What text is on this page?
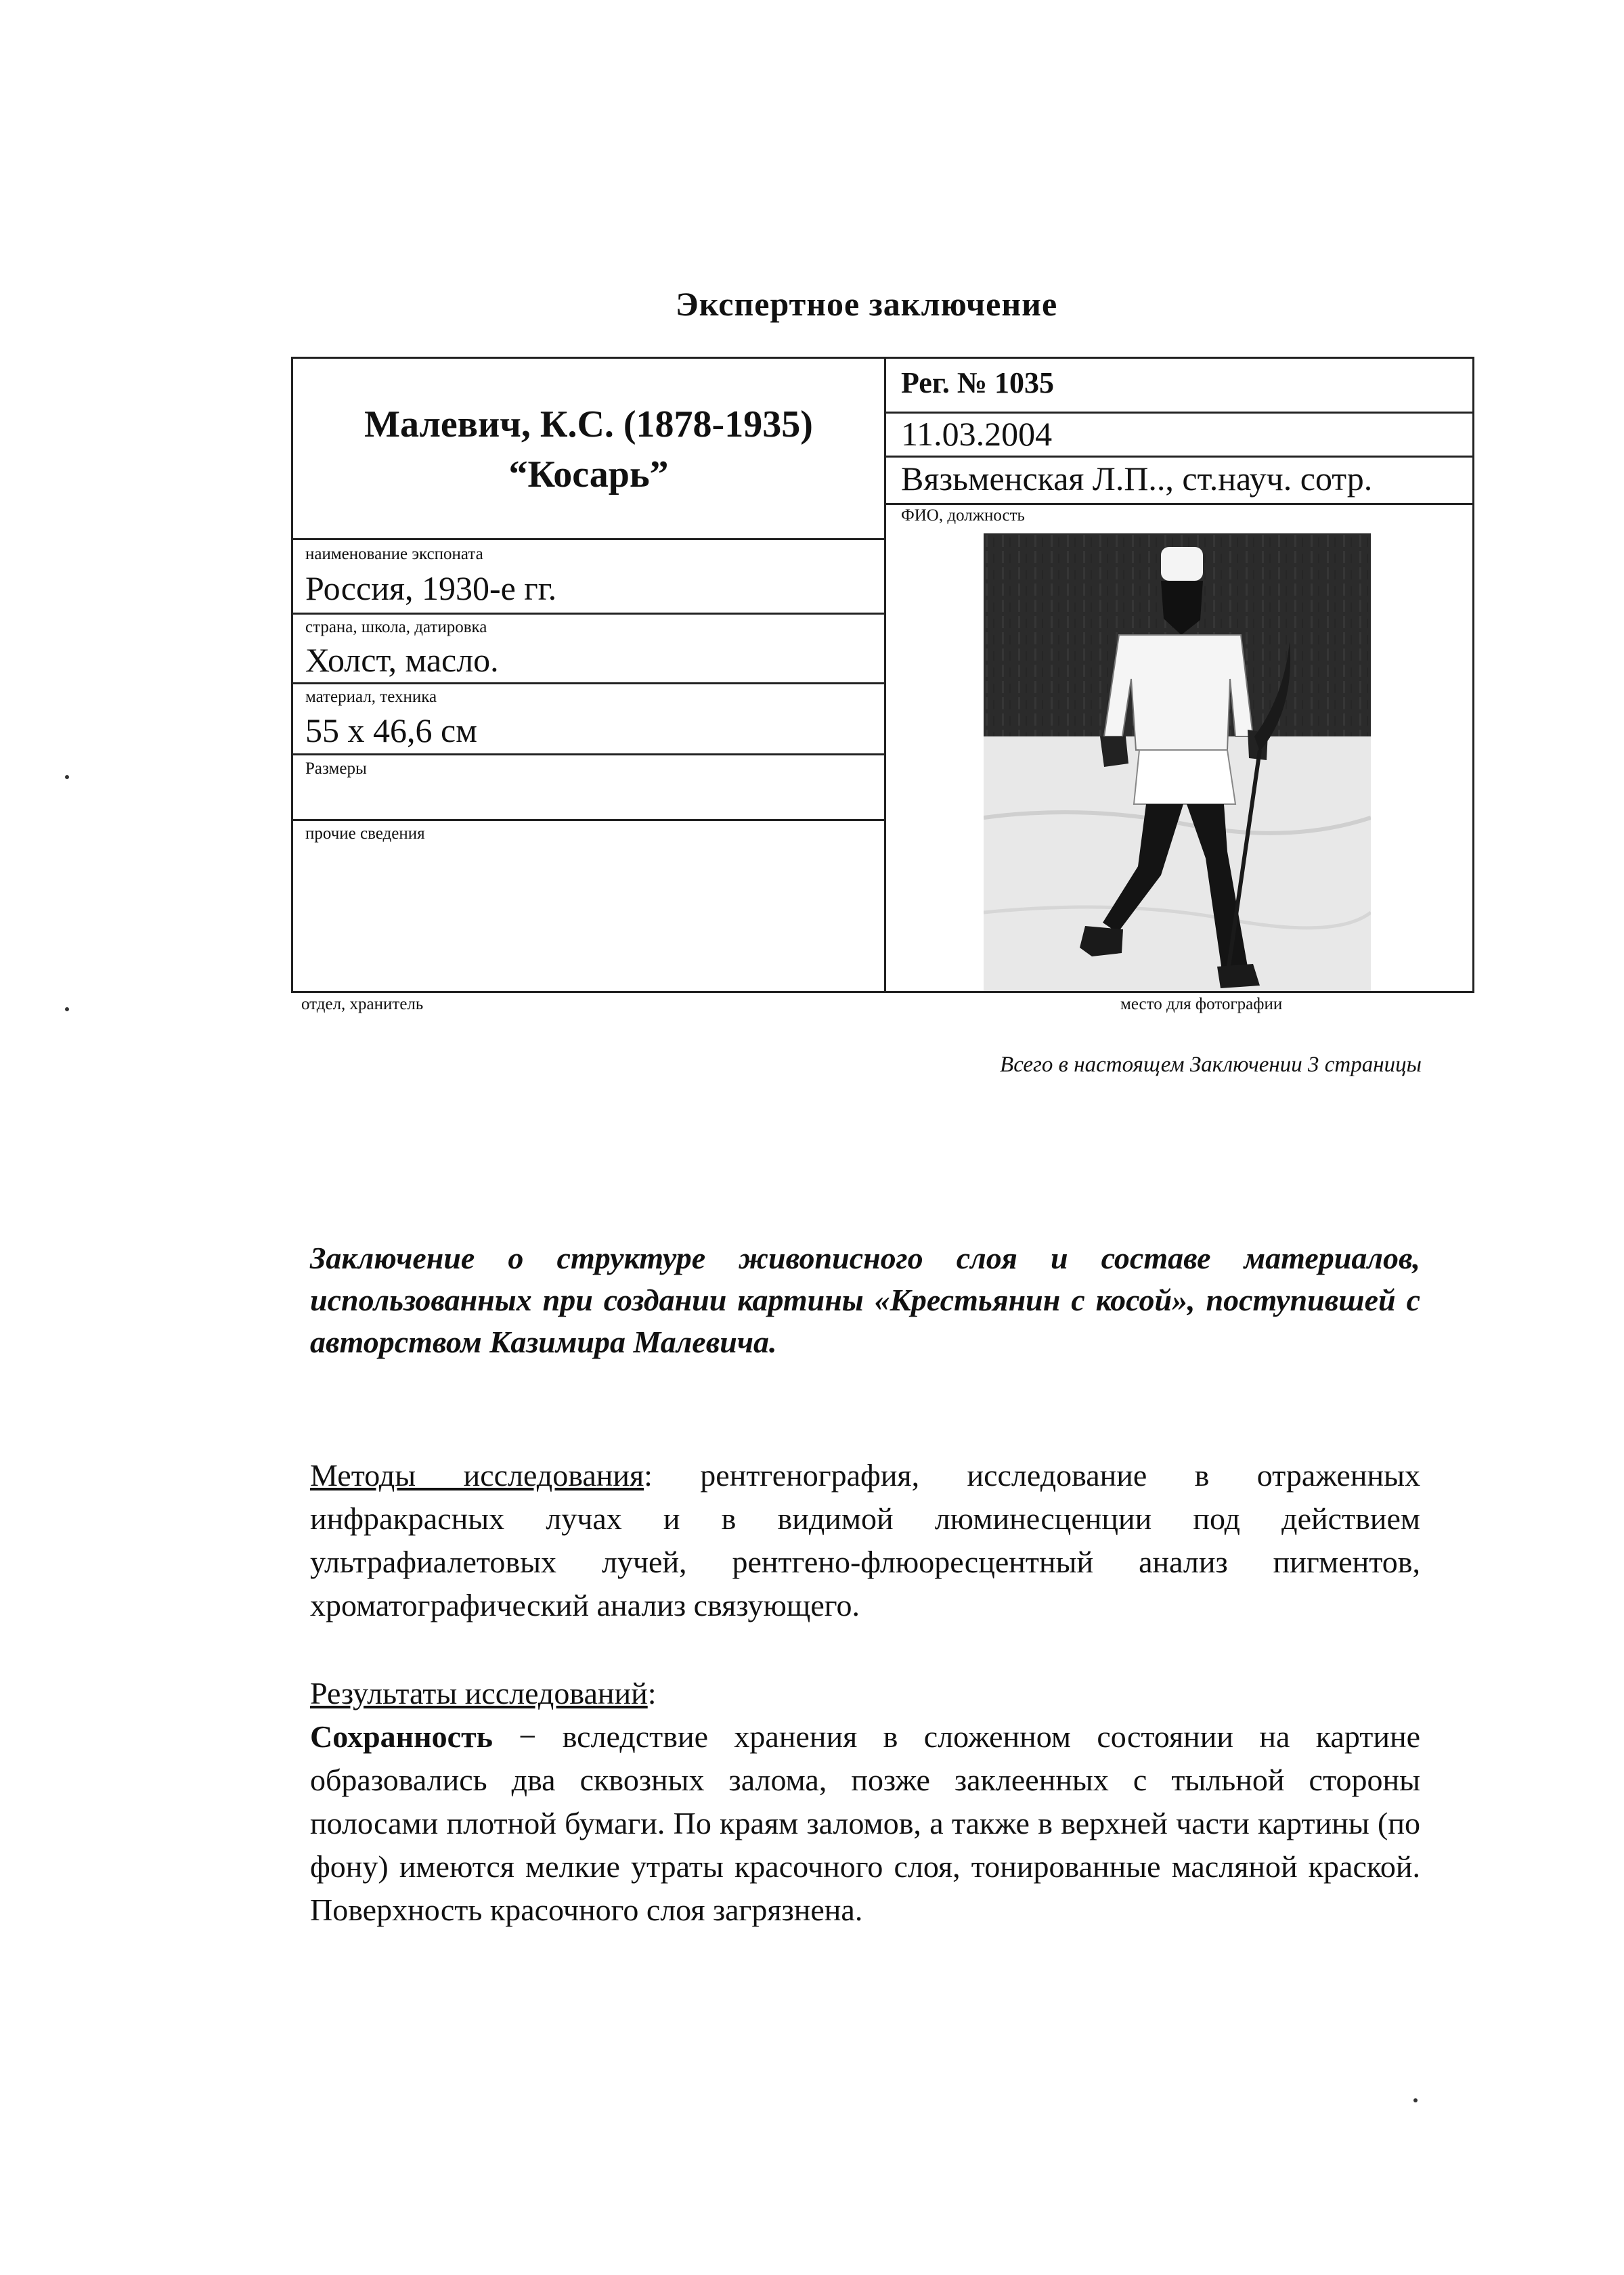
Экспертное заключение
Малевич, К.С. (1878-1935)
“Косарь”
Рег. № 1035
11.03.2004
Вязьменская Л.П.., ст.науч. сотр.
ФИО, должность
наименование экспоната
Россия, 1930-е гг.
страна, школа, датировка
Холст, масло.
материал, техника
55 х 46,6 см
Размеры
прочие сведения
отдел, хранитель	место для фотографии
Всего в настоящем Заключении 3 страницы
Заключение о структуре живописного слоя и составе материалов, использованных при создании картины «Крестьянин с косой», поступившей с авторством Казимира Малевича.
Методы исследования: рентгенография, исследование в отраженных инфракрасных лучах и в видимой люминесценции под действием ультрафиалетовых лучей, рентгено-флюоресцентный анализ пигментов, хроматографический анализ связующего.
Результаты исследований:
Сохранность − вследствие хранения в сложенном состоянии на картине образовались два сквозных залома, позже заклеенных с тыльной стороны полосами плотной бумаги. По краям заломов, а также в верхней части картины (по фону) имеются мелкие утраты красочного слоя, тонированные масляной краской. Поверхность красочного слоя загрязнена.
